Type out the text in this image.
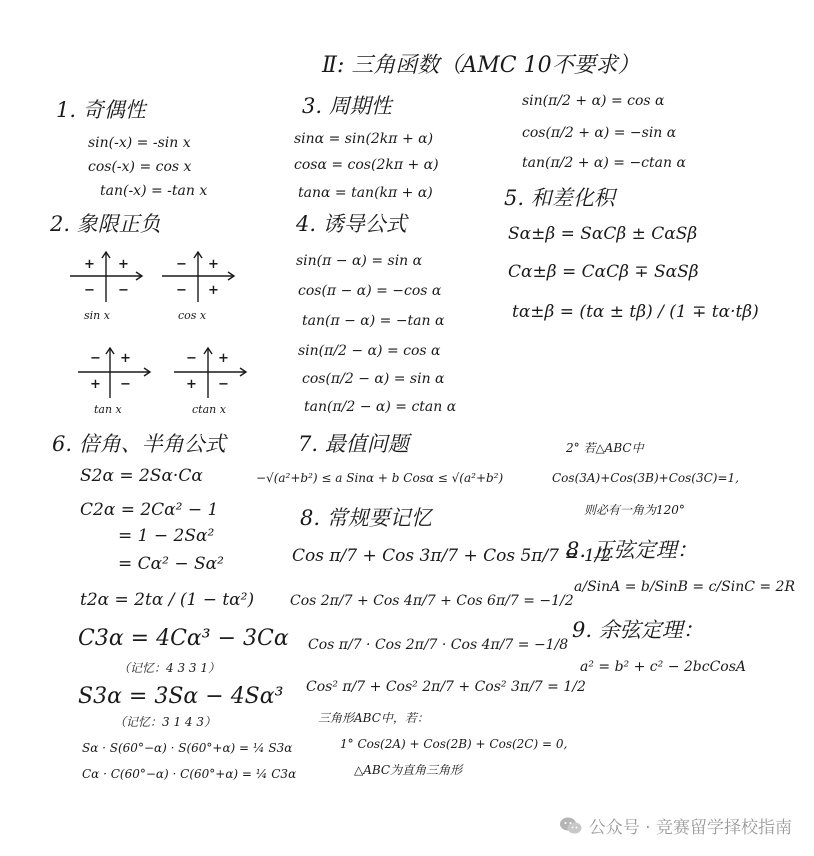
Ⅱ: 三角函数（AMC 10不要求）
1. 奇偶性
sin(-x) = -sin x
cos(-x) = cos x
tan(-x) = -tan x
2. 象限正负
+ +
− −
sin x
− +
− +
cos x
− +
+ −
tan x
− +
+ −
ctan x
3. 周期性
sinα = sin(2kπ + α)
cosα = cos(2kπ + α)
tanα = tan(kπ + α)
sin(π/2 + α) = cos α
cos(π/2 + α) = −sin α
tan(π/2 + α) = −ctan α
4. 诱导公式
sin(π − α) = sin α
cos(π − α) = −cos α
tan(π − α) = −tan α
sin(π/2 − α) = cos α
cos(π/2 − α) = sin α
tan(π/2 − α) = ctan α
5. 和差化积
Sα±β = SαCβ ± CαSβ
Cα±β = CαCβ ∓ SαSβ
tα±β = (tα ± tβ) / (1 ∓ tα·tβ)
6. 倍角、半角公式
S2α = 2Sα·Cα
C2α = 2Cα² − 1
= 1 − 2Sα²
= Cα² − Sα²
t2α = 2tα / (1 − tα²)
C3α = 4Cα³ − 3Cα
（记忆：4 3 3 1）
S3α = 3Sα − 4Sα³
（记忆：3 1 4 3）
Sα · S(60°−α) · S(60°+α) = ¼ S3α
Cα · C(60°−α) · C(60°+α) = ¼ C3α
7. 最值问题
−√(a²+b²) ≤ a Sinα + b Cosα ≤ √(a²+b²)
8. 常规要记忆
Cos π/7 + Cos 3π/7 + Cos 5π/7 = 1/2
Cos 2π/7 + Cos 4π/7 + Cos 6π/7 = −1/2
Cos π/7 · Cos 2π/7 · Cos 4π/7 = −1/8
Cos² π/7 + Cos² 2π/7 + Cos² 3π/7 = 1/2
三角形ABC中，若：
1° Cos(2A) + Cos(2B) + Cos(2C) = 0,
△ABC为直角三角形
2° 若△ABC中
Cos(3A)+Cos(3B)+Cos(3C)=1,
则必有一角为120°
8. 正弦定理：
a/SinA = b/SinB = c/SinC = 2R
9. 余弦定理：
a² = b² + c² − 2bcCosA
公众号 · 竞赛留学择校指南
